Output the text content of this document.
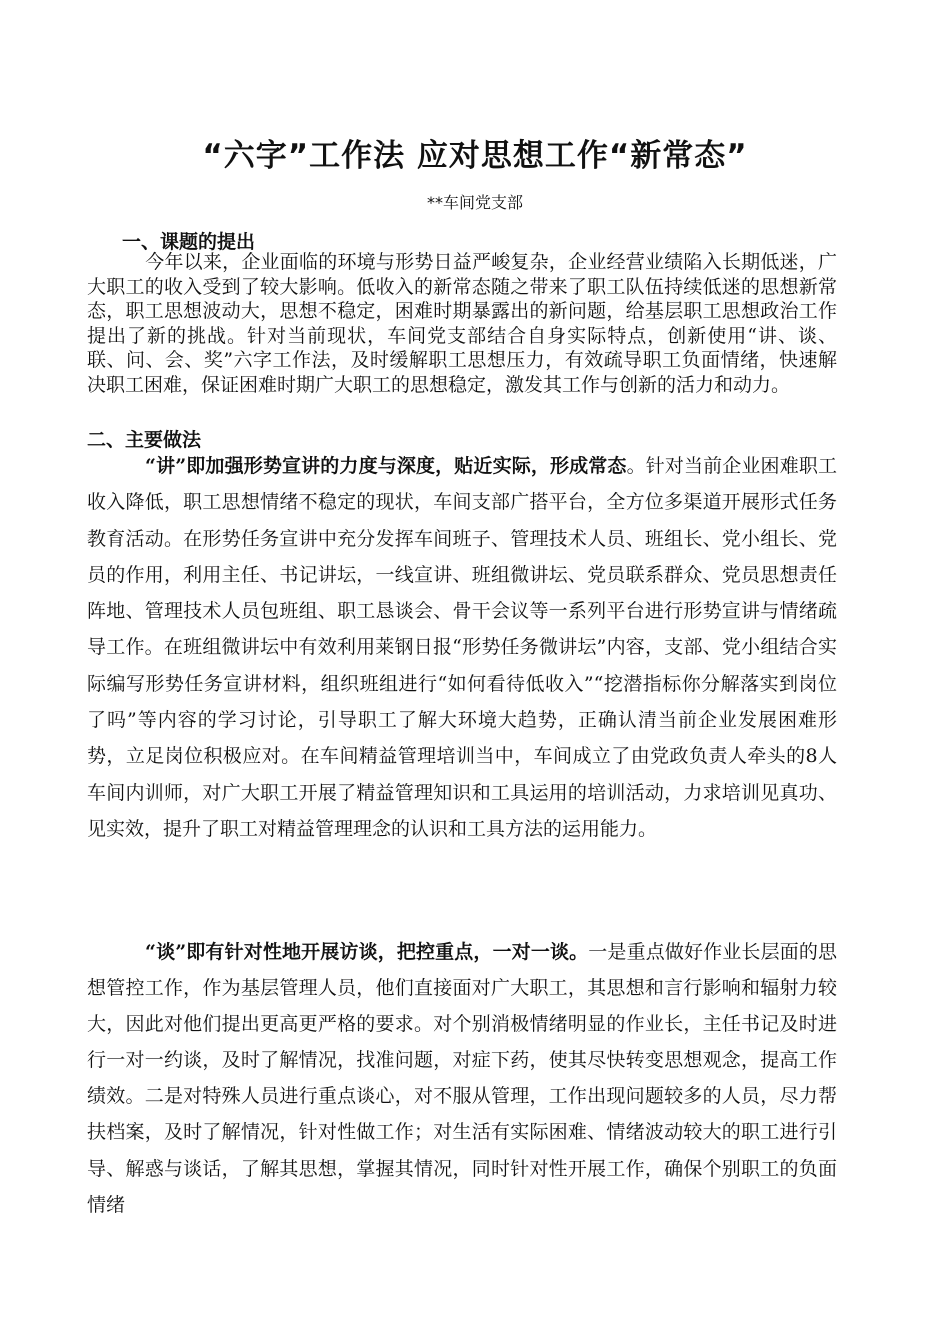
“六字”工作法 应对思想工作“新常态”
**车间党支部
一、课题的提出
今年以来，企业面临的环境与形势日益严峻复杂，企业经营业绩陷入长期低迷，广大职工的收入受到了较大影响。低收入的新常态随之带来了职工队伍持续低迷的思想新常态，职工思想波动大，思想不稳定，困难时期暴露出的新问题，给基层职工思想政治工作提出了新的挑战。针对当前现状，车间党支部结合自身实际特点，创新使用“讲、谈、联、问、会、奖”六字工作法，及时缓解职工思想压力，有效疏导职工负面情绪，快速解决职工困难，保证困难时期广大职工的思想稳定，激发其工作与创新的活力和动力。
二、主要做法
“讲”即加强形势宣讲的力度与深度，贴近实际，形成常态。针对当前企业困难职工收入降低，职工思想情绪不稳定的现状，车间支部广搭平台，全方位多渠道开展形式任务教育活动。在形势任务宣讲中充分发挥车间班子、管理技术人员、班组长、党小组长、党员的作用，利用主任、书记讲坛，一线宣讲、班组微讲坛、党员联系群众、党员思想责任阵地、管理技术人员包班组、职工恳谈会、骨干会议等一系列平台进行形势宣讲与情绪疏导工作。在班组微讲坛中有效利用莱钢日报“形势任务微讲坛”内容，支部、党小组结合实际编写形势任务宣讲材料，组织班组进行“如何看待低收入”“挖潜指标你分解落实到岗位了吗”等内容的学习讨论，引导职工了解大环境大趋势，正确认清当前企业发展困难形势，立足岗位积极应对。在车间精益管理培训当中，车间成立了由党政负责人牵头的8人车间内训师，对广大职工开展了精益管理知识和工具运用的培训活动，力求培训见真功、见实效，提升了职工对精益管理理念的认识和工具方法的运用能力。
“谈”即有针对性地开展访谈，把控重点，一对一谈。一是重点做好作业长层面的思想管控工作，作为基层管理人员，他们直接面对广大职工，其思想和言行影响和辐射力较大，因此对他们提出更高更严格的要求。对个别消极情绪明显的作业长，主任书记及时进行一对一约谈，及时了解情况，找准问题，对症下药，使其尽快转变思想观念，提高工作绩效。二是对特殊人员进行重点谈心，对不服从管理，工作出现问题较多的人员，尽力帮扶档案，及时了解情况，针对性做工作；对生活有实际困难、情绪波动较大的职工进行引导、解惑与谈话，了解其思想，掌握其情况，同时针对性开展工作，确保个别职工的负面情绪
